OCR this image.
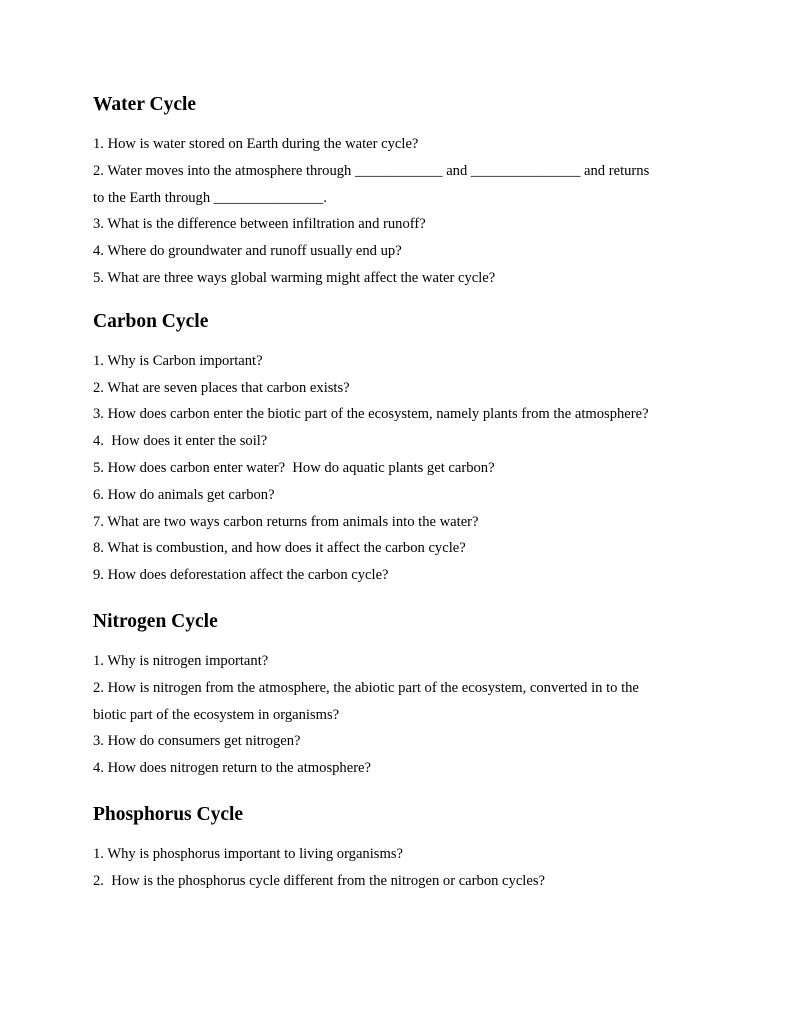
Water Cycle

1. How is water stored on Earth during the water cycle?

2. Water moves into the atmosphere through ____________ and _______________ and returns

to the Earth through _______________.

3. What is the difference between infiltration and runoff?

4. Where do groundwater and runoff usually end up?

5. What are three ways global warming might affect the water cycle?

Carbon Cycle

1. Why is Carbon important?

2. What are seven places that carbon exists?

3. How does carbon enter the biotic part of the ecosystem, namely plants from the atmosphere?

4.  How does it enter the soil?

5. How does carbon enter water?  How do aquatic plants get carbon?

6. How do animals get carbon?

7. What are two ways carbon returns from animals into the water?

8. What is combustion, and how does it affect the carbon cycle?

9. How does deforestation affect the carbon cycle?

Nitrogen Cycle

1. Why is nitrogen important?

2. How is nitrogen from the atmosphere, the abiotic part of the ecosystem, converted in to the

biotic part of the ecosystem in organisms?

3. How do consumers get nitrogen?

4. How does nitrogen return to the atmosphere?

Phosphorus Cycle

1. Why is phosphorus important to living organisms?

2.  How is the phosphorus cycle different from the nitrogen or carbon cycles?
